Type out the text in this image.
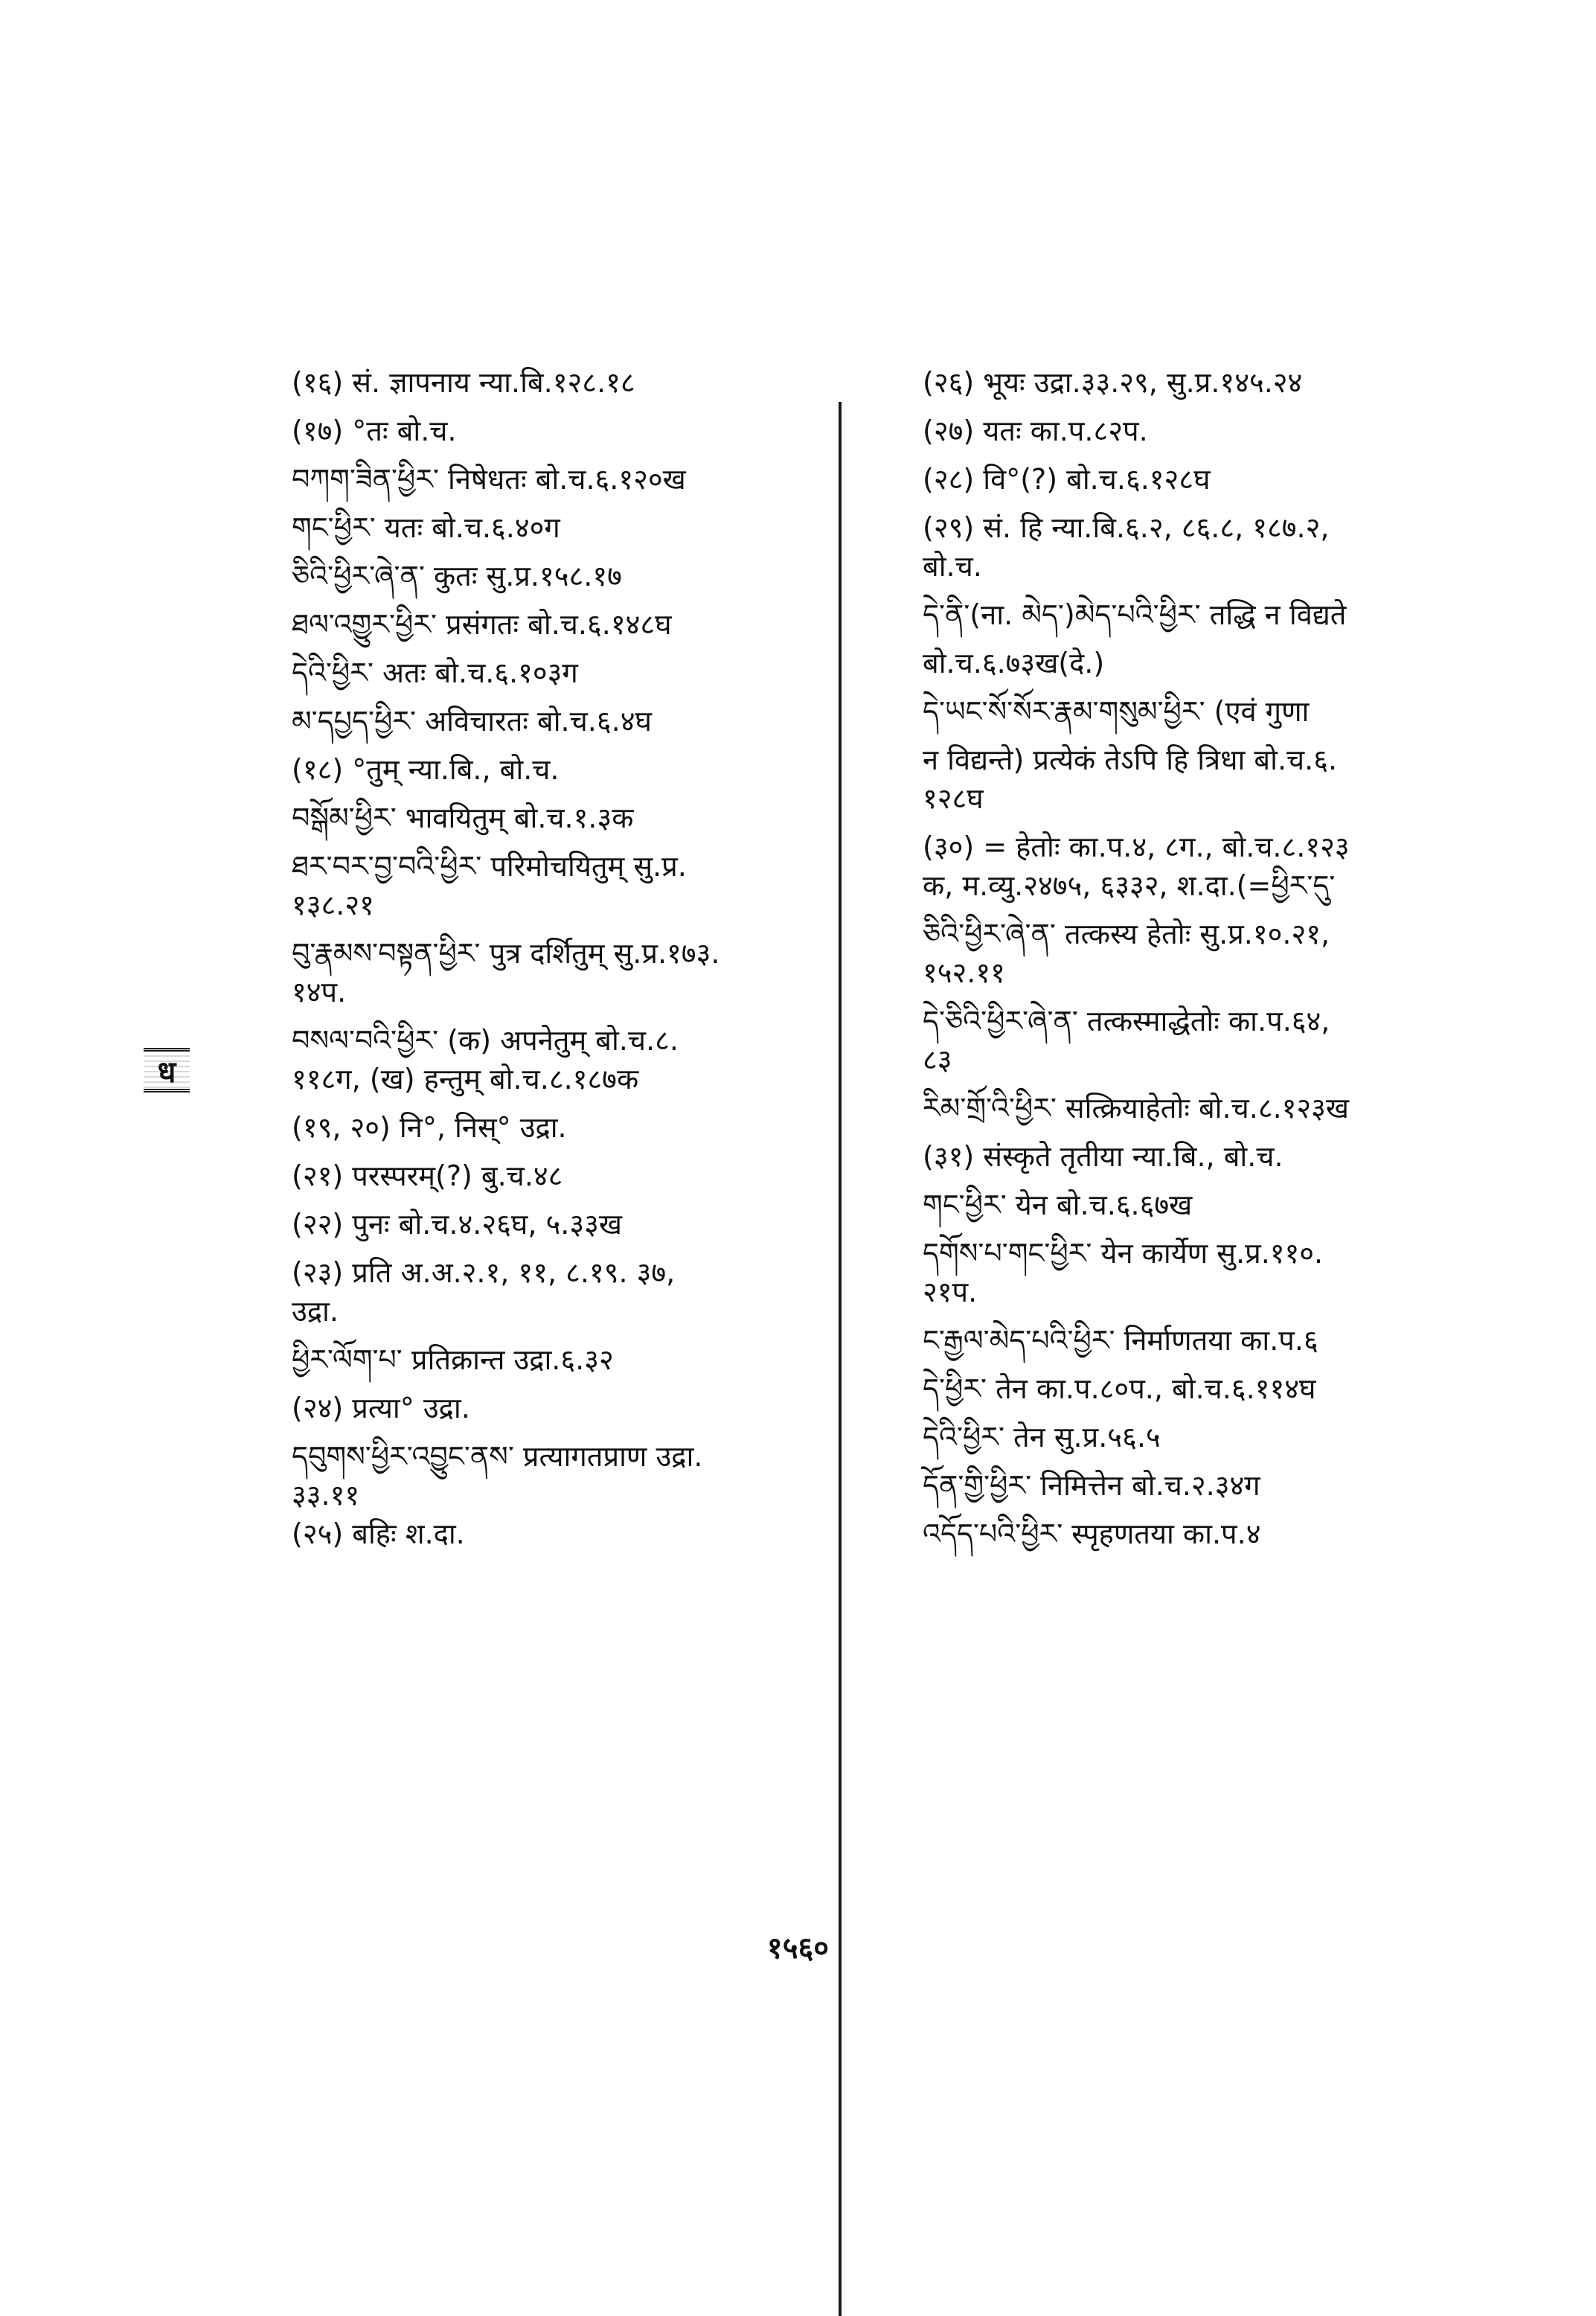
(१६) सं. ज्ञापनाय न्या.बि.१२८.१८

(१७) °तः बो.च.

བཀག་ཟིན་ཕྱིར་ निषेधतः बो.च.६.१२०ख

གང་ཕྱིར་ यतः बो.च.६.४०ग

ཅིའི་ཕྱིར་ཞེ་ན་ कुतः सु.प्र.१५८.१७

ཐལ་འགྱུར་ཕྱིར་ प्रसंगतः बो.च.६.१४८घ

དེའི་ཕྱིར་ अतः बो.च.६.१०३ग

མ་དཔྱད་ཕྱིར་ अविचारतः बो.च.६.४घ

(१८) °तुम् न्या.बि., बो.च.

བསྒོམ་ཕྱིར་ भावयितुम् बो.च.१.३क

ཐར་བར་བྱ་བའི་ཕྱིར་ परिमोचयितुम् सु.प्र.

१३८.२१

བུ་རྣམས་བསྟན་ཕྱིར་ पुत्र दर्शितुम् सु.प्र.१७३.

१४प.

བསལ་བའི་ཕྱིར་ (क) अपनेतुम् बो.च.८.

११८ग, (ख) हन्तुम् बो.च.८.१८७क

(१९, २०) नि°, निस्° उद्रा.

(२१) परस्परम्(?) बु.च.४८

(२२) पुनः बो.च.४.२६घ, ५.३३ख

(२३) प्रति अ.अ.२.१, ११, ८.१९. ३७,

उद्रा.

ཕྱིར་ལོག་པ་ प्रतिक्रान्त उद्रा.६.३२

(२४) प्रत्या° उद्रा.

དབུགས་ཕྱིར་འབྱུང་ནས་ प्रत्यागतप्राण उद्रा.

३३.११

(२५) बहिः श.दा.

ध

(२६) भूयः उद्रा.३३.२९, सु.प्र.१४५.२४

(२७) यतः का.प.८२प.

(२८) वि°(?) बो.च.६.१२८घ

(२९) सं. हि न्या.बि.६.२, ८६.८, १८७.२,

बो.च.

དེ་ནི་(ना. མེད་)མེད་པའི་ཕྱིར་ तद्धि न विद्यते

बो.च.६.७३ख(दे.)

དེ་ཡང་སོ་སོར་རྣམ་གསུམ་ཕྱིར་ (एवं गुणा

न विद्यन्ते) प्रत्येकं तेऽपि हि त्रिधा बो.च.६.

१२८घ

(३०) = हेतोः का.प.४, ८ग., बो.च.८.१२३

क, म.व्यु.२४७५, ६३३२, श.दा.(=ཕྱིར་དུ་

ཅིའི་ཕྱིར་ཞེ་ན་ तत्कस्य हेतोः सु.प्र.१०.२१,

१५२.११

དེ་ཅིའི་ཕྱིར་ཞེ་ན་ तत्कस्माद्धेतोः का.प.६४,

८३

རིམ་གྲོ་འི་ཕྱིར་ सत्क्रियाहेतोः बो.च.८.१२३ख

(३१) संस्कृते तृतीया न्या.बि., बो.च.

གང་ཕྱིར་ येन बो.च.६.६७ख

དགོས་པ་གང་ཕྱིར་ येन कार्येण सु.प्र.११०.

२१प.

ང་རྒྱལ་མེད་པའི་ཕྱིར་ निर्माणतया का.प.६

དེ་ཕྱིར་ तेन का.प.८०प., बो.च.६.११४घ

དེའི་ཕྱིར་ तेन सु.प्र.५६.५

དོན་གྱི་ཕྱིར་ निमित्तेन बो.च.२.३४ग

འདོད་པའི་ཕྱིར་ स्पृहणतया का.प.४

१५६०
